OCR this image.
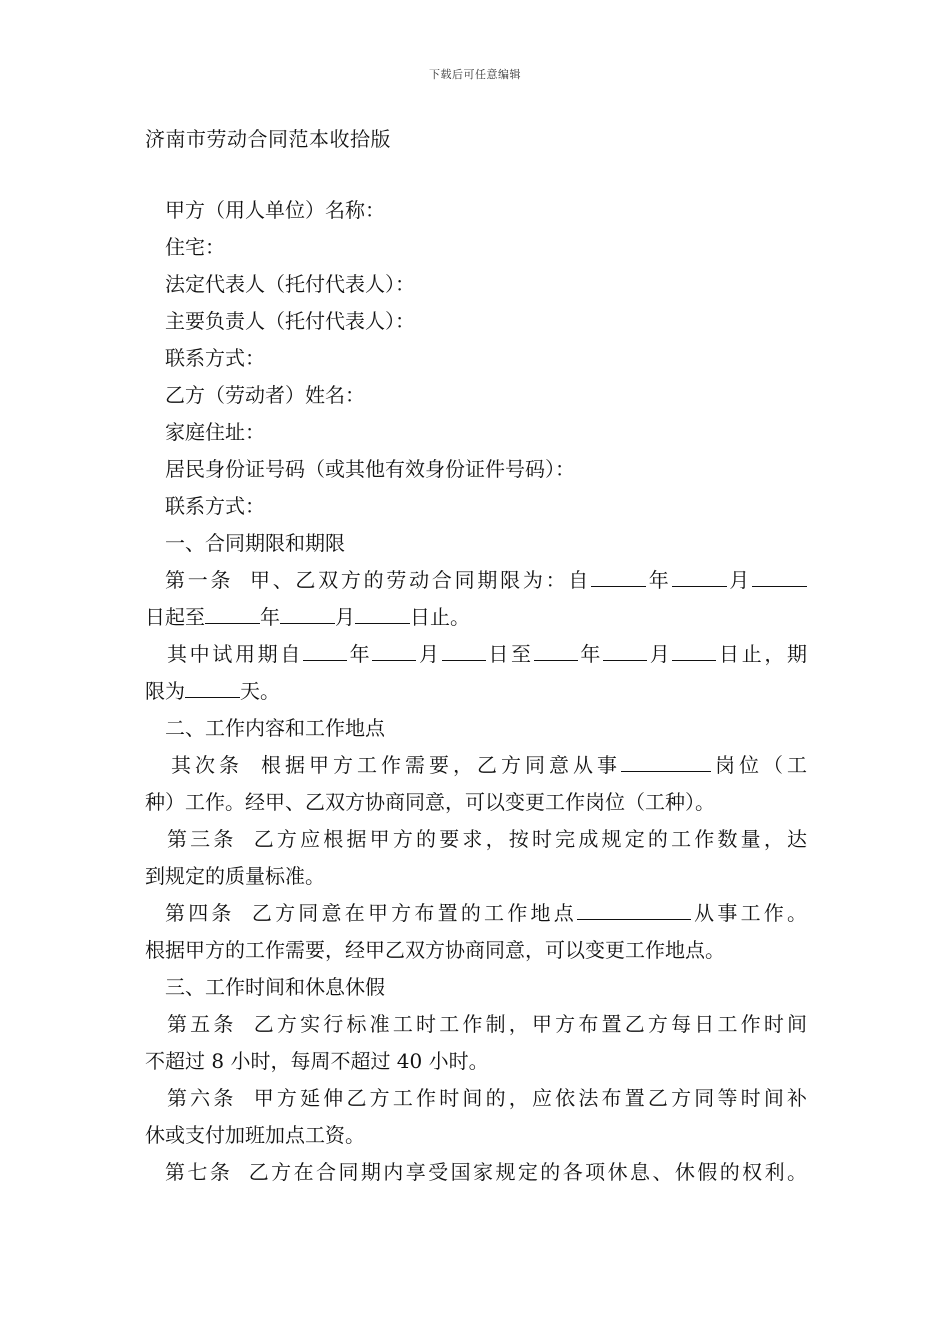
下载后可任意编辑
济南市劳动合同范本收拾版

甲方（用人单位）名称：

住宅：

法定代表人（托付代表人）：

主要负责人（托付代表人）：

联系方式：

乙方（劳动者）姓名：

家庭住址：

居民身份证号码（或其他有效身份证件号码）：

联系方式：

一、合同期限和期限

第一条 甲、乙双方的劳动合同期限为：自	年	月

日起至	年	月	日止。

其中试用期自 年 月 日至 年 月 日止，期

限为	天。

二、工作内容和工作地点

其次条 根据甲方工作需要，乙方同意从事	岗位（工

种）工作。经甲、乙双方协商同意，可以变更工作岗位（工种）。

第三条 乙方应根据甲方的要求，按时完成规定的工作数量，达

到规定的质量标准。

第四条 乙方同意在甲方布置的工作地点	从事工作。

根据甲方的工作需要，经甲乙双方协商同意，可以变更工作地点。

三、工作时间和休息休假

第五条 乙方实行标准工时工作制，甲方布置乙方每日工作时间

不超过 8 小时，每周不超过 40 小时。

第六条 甲方延伸乙方工作时间的，应依法布置乙方同等时间补

休或支付加班加点工资。

第七条 乙方在合同期内享受国家规定的各项休息、休假的权利。
